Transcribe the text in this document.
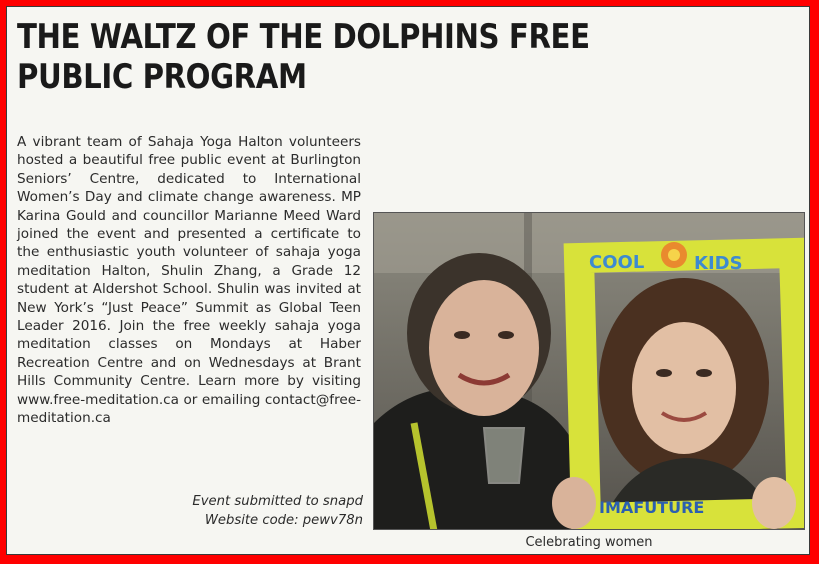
THE WALTZ OF THE DOLPHINS FREE PUBLIC PROGRAM

A vibrant team of Sahaja Yoga Halton volunteers hosted a beautiful free public event at Burlington Seniors’ Centre, dedicated to International Women’s Day and climate change awareness. MP Karina Gould and councillor Marianne Meed Ward joined the event and presented a certificate to the enthusiastic youth volunteer of sahaja yoga meditation Halton, Shulin Zhang, a Grade 12 student at Aldershot School. Shulin was invited at New York’s “Just Peace” Summit as Global Teen Leader 2016. Join the free weekly sahaja yoga meditation classes on Mondays at Haber Recreation Centre and on Wednesdays at Brant Hills Community Centre. Learn more by visiting www.free-meditation.ca or emailing contact@free-meditation.ca

Event submitted to snapd
Website code: pewv78n
COOL	KIDS
IMAFUTURE
Celebrating women
